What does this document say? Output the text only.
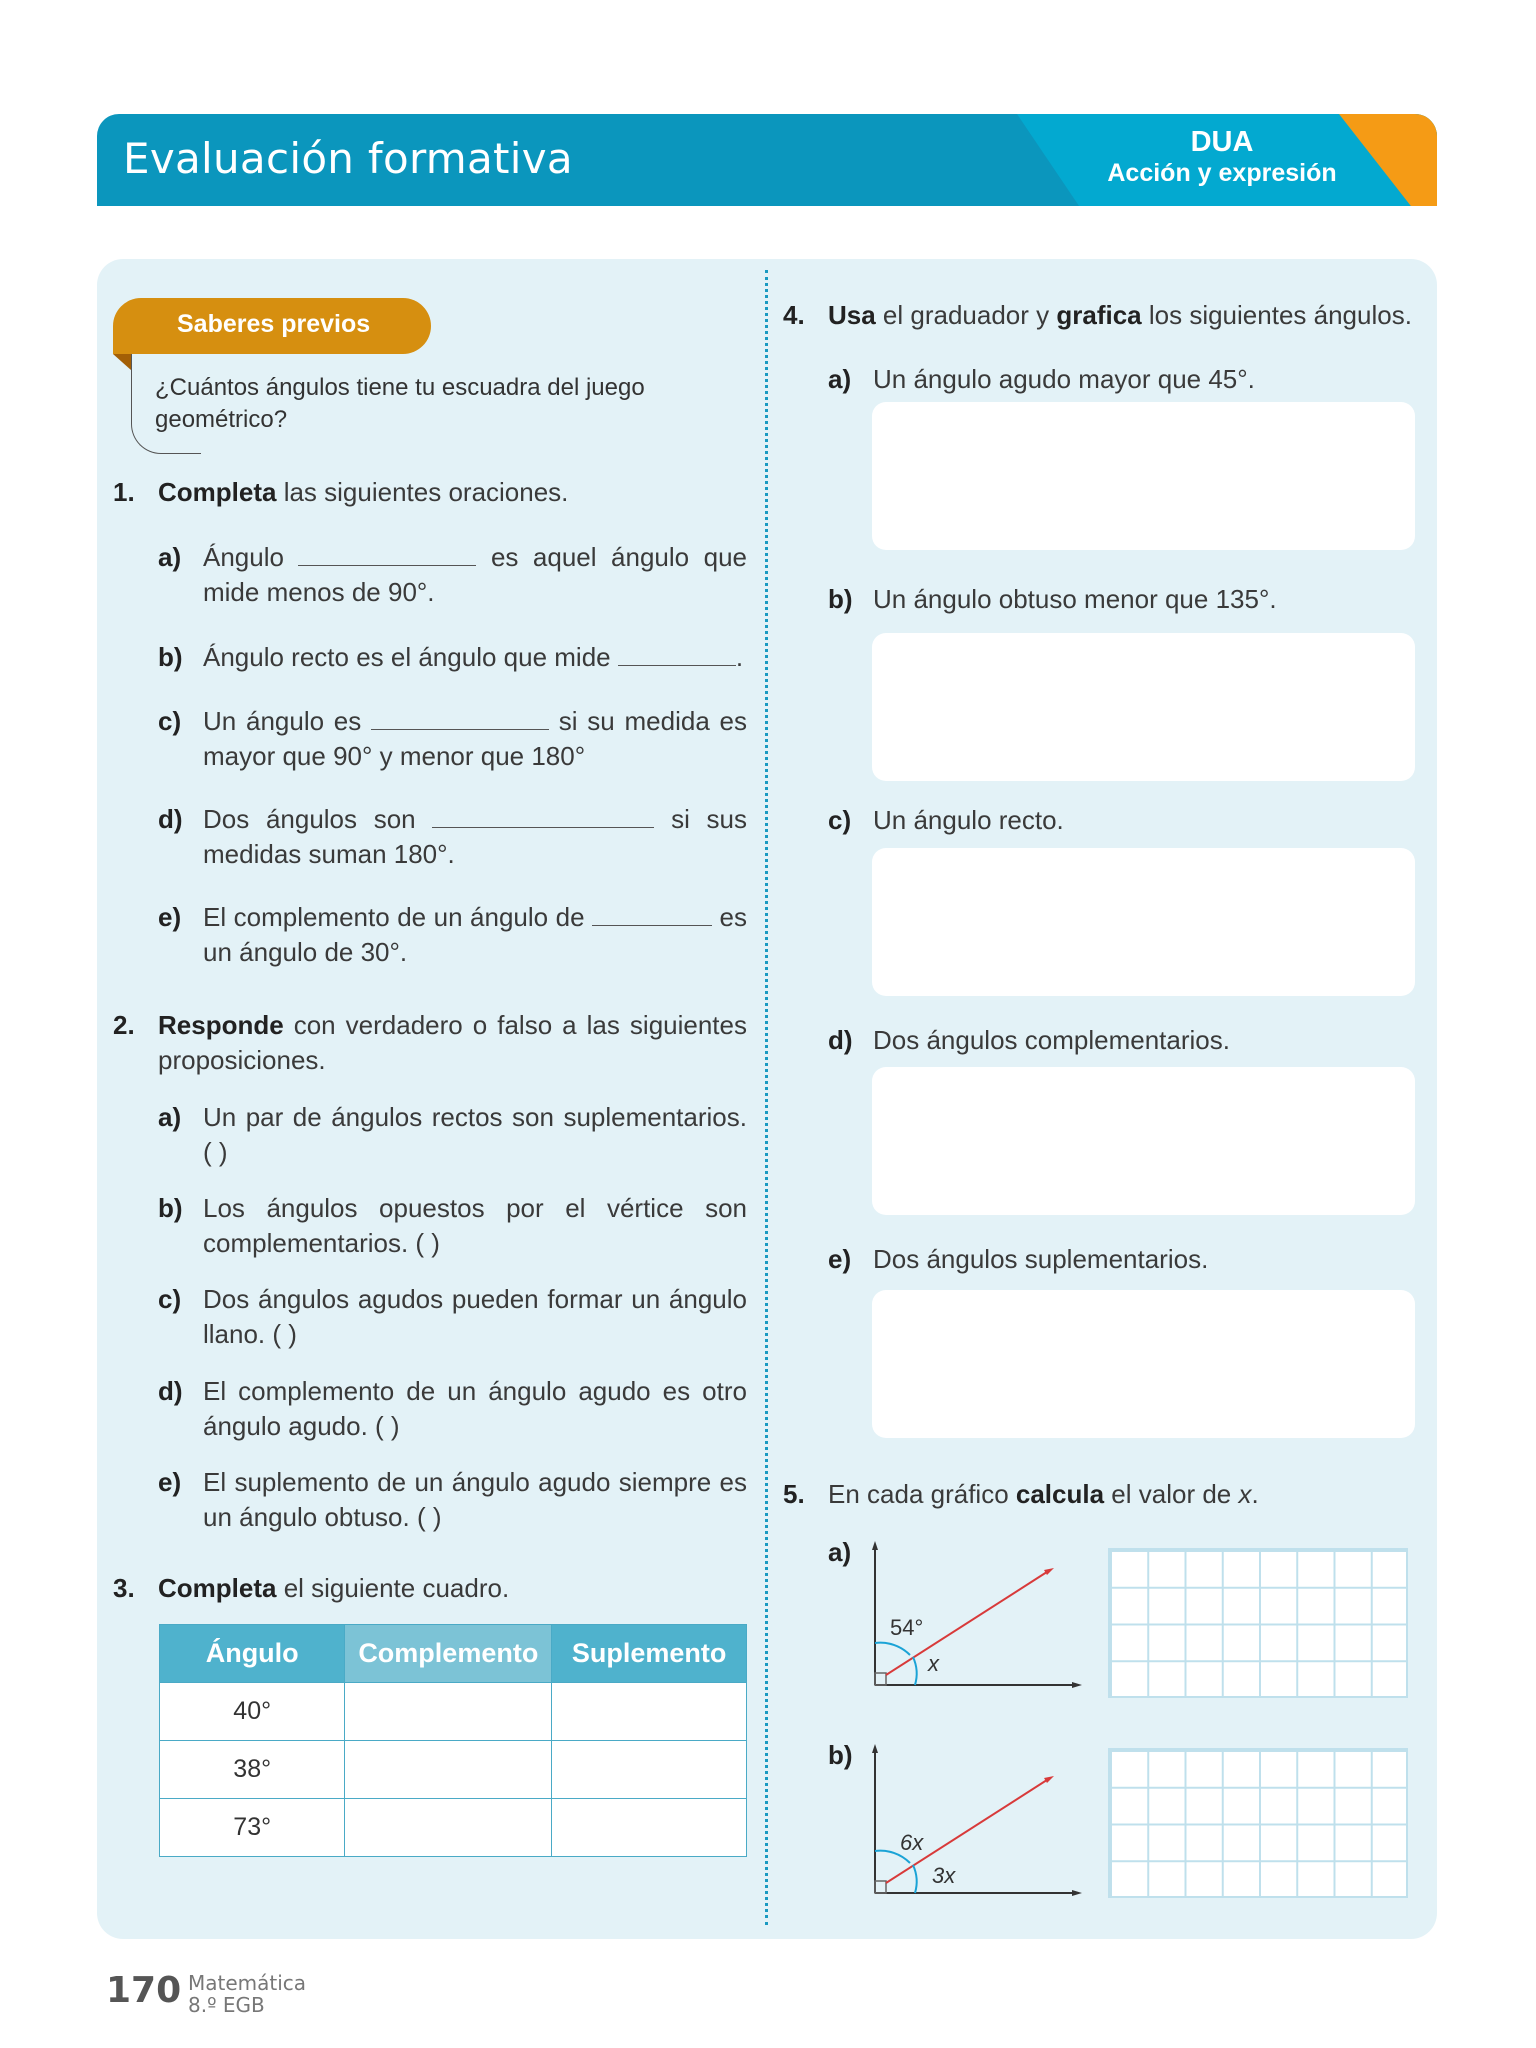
Evaluación formativa	DUA
Acción y expresión
Saberes previos
¿Cuántos ángulos tiene tu escuadra del juego geométrico?
1. Completa las siguientes oraciones.
a) Ángulo	es aquel ángulo que mide menos de 90°.
b) Ángulo recto es el ángulo que mide	.
c) Un ángulo es	si su medida es mayor que 90° y menor que 180°
d) Dos ángulos son	si sus medidas suman 180°.
e) El complemento de un ángulo de	es un ángulo de 30°.
2. Responde con verdadero o falso a las siguientes proposiciones.
a) Un par de ángulos rectos son suplementarios. ( )
b) Los ángulos opuestos por el vértice son complementarios. ( )
c) Dos ángulos agudos pueden formar un ángulo llano. ( )
d) El complemento de un ángulo agudo es otro ángulo agudo. ( )
e) El suplemento de un ángulo agudo siempre es un ángulo obtuso. ( )
3. Completa el siguiente cuadro.
Ángulo	Complemento	Suplemento
40°		
38°		
73°		
4. Usa el graduador y grafica los siguientes ángulos.
a) Un ángulo agudo mayor que 45°.
b) Un ángulo obtuso menor que 135°.
c) Un ángulo recto.
d) Dos ángulos complementarios.
e) Dos ángulos suplementarios.
5. En cada gráfico calcula el valor de x.
a)
54°
x
b)
6x
3x
170 Matemática
8.º EGB
